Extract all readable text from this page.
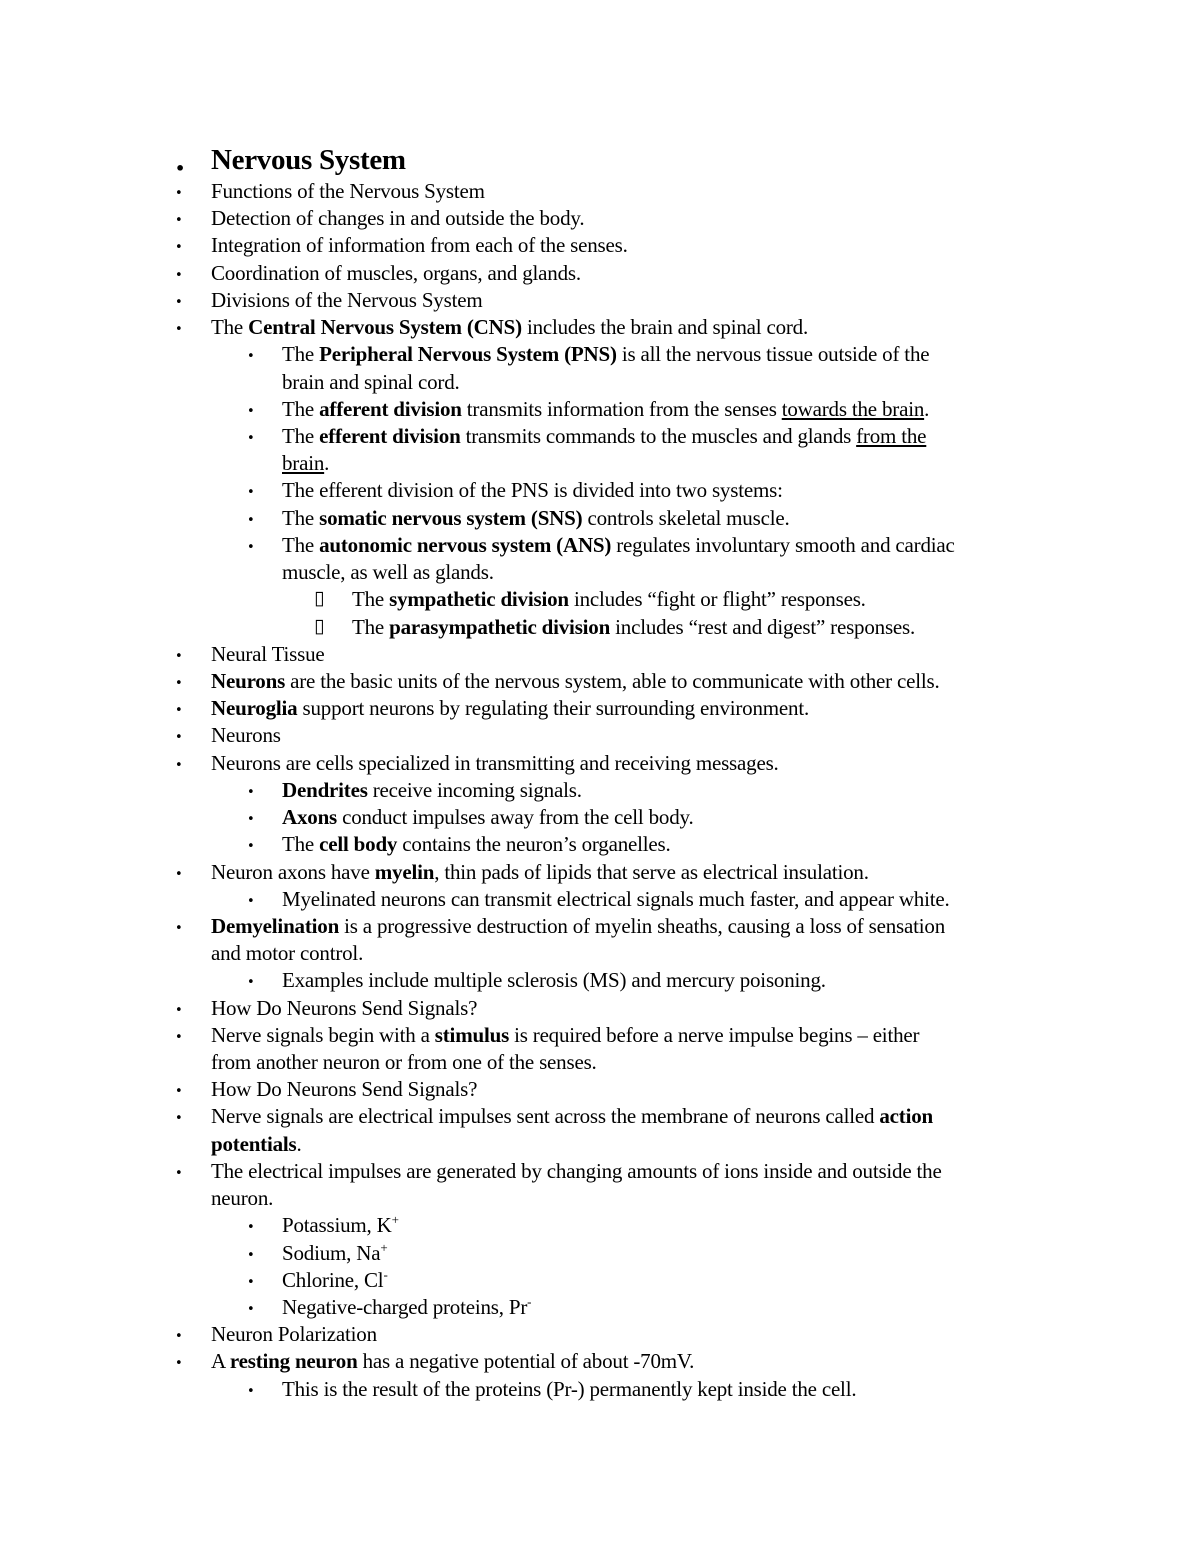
• Nervous System
• Functions of the Nervous System
• Detection of changes in and outside the body.
• Integration of information from each of the senses.
• Coordination of muscles, organs, and glands.
• Divisions of the Nervous System
• The Central Nervous System (CNS) includes the brain and spinal cord.
• The Peripheral Nervous System (PNS) is all the nervous tissue outside of the
brain and spinal cord.
• The afferent division transmits information from the senses towards the brain.
• The efferent division transmits commands to the muscles and glands from the
brain.
• The efferent division of the PNS is divided into two systems:
• The somatic nervous system (SNS) controls skeletal muscle.
• The autonomic nervous system (ANS) regulates involuntary smooth and cardiac
muscle, as well as glands.
▯ The sympathetic division includes “fight or flight” responses.
▯ The parasympathetic division includes “rest and digest” responses.
• Neural Tissue
• Neurons are the basic units of the nervous system, able to communicate with other cells.
• Neuroglia support neurons by regulating their surrounding environment.
• Neurons
• Neurons are cells specialized in transmitting and receiving messages.
• Dendrites receive incoming signals.
• Axons conduct impulses away from the cell body.
• The cell body contains the neuron’s organelles.
• Neuron axons have myelin, thin pads of lipids that serve as electrical insulation.
• Myelinated neurons can transmit electrical signals much faster, and appear white.
• Demyelination is a progressive destruction of myelin sheaths, causing a loss of sensation
and motor control.
• Examples include multiple sclerosis (MS) and mercury poisoning.
• How Do Neurons Send Signals?
• Nerve signals begin with a stimulus is required before a nerve impulse begins – either
from another neuron or from one of the senses.
• How Do Neurons Send Signals?
• Nerve signals are electrical impulses sent across the membrane of neurons called action
potentials.
• The electrical impulses are generated by changing amounts of ions inside and outside the
neuron.
• Potassium, K+
• Sodium, Na+
• Chlorine, Cl-
• Negative-charged proteins, Pr-
• Neuron Polarization
• A resting neuron has a negative potential of about -70mV.
• This is the result of the proteins (Pr-) permanently kept inside the cell.
